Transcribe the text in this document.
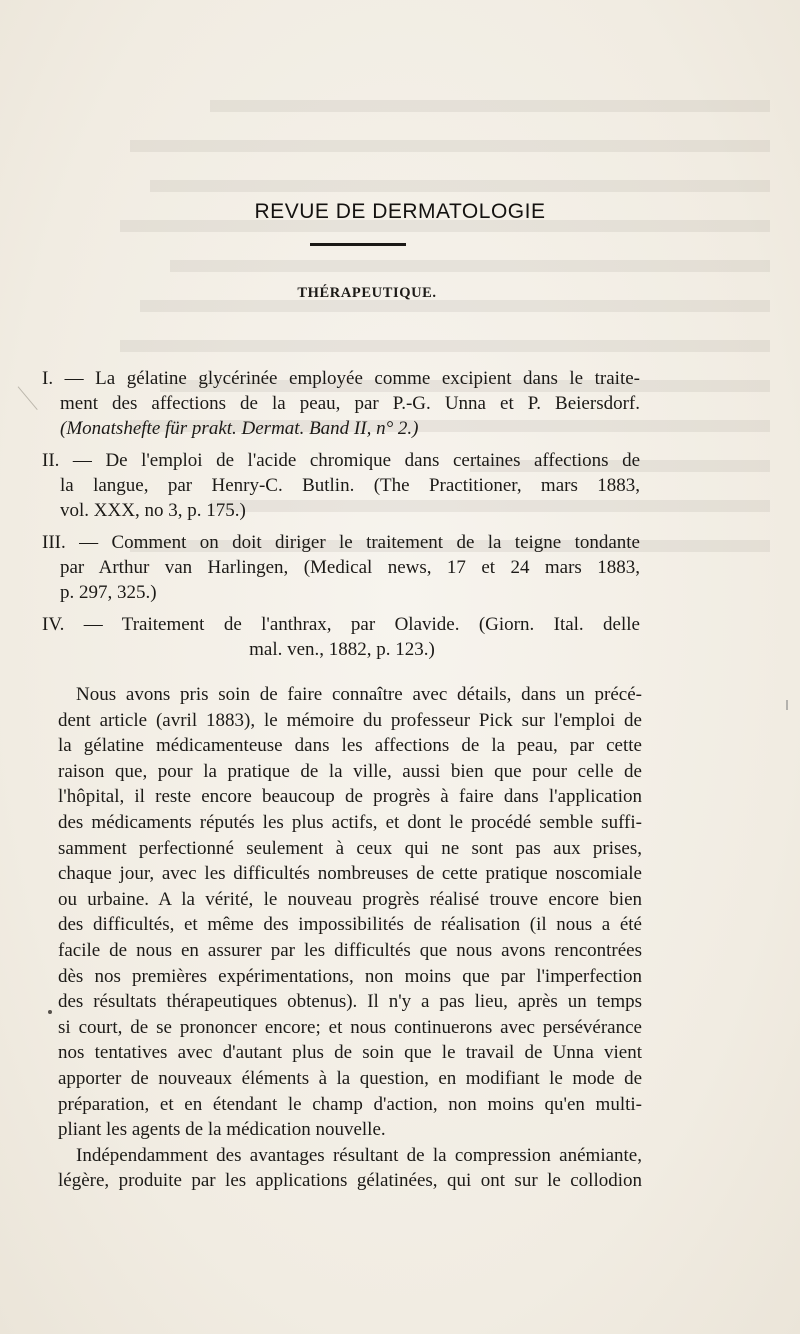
REVUE DE DERMATOLOGIE
THÉRAPEUTIQUE.
I. — La gélatine glycérinée employée comme excipient dans le traite-
ment des affections de la peau, par P.-G. Unna et P. Beiersdorf.
(Monatshefte für prakt. Dermat. Band II, n° 2.)
II. — De l'emploi de l'acide chromique dans certaines affections de
la langue, par Henry-C. Butlin. (The Practitioner, mars 1883,
vol. XXX, no 3, p. 175.)
III. — Comment on doit diriger le traitement de la teigne tondante
par Arthur van Harlingen, (Medical news, 17 et 24 mars 1883,
p. 297, 325.)
IV. — Traitement de l'anthrax, par Olavide. (Giorn. Ital. delle
mal. ven., 1882, p. 123.)
Nous avons pris soin de faire connaître avec détails, dans un précé-
dent article (avril 1883), le mémoire du professeur Pick sur l'emploi de
la gélatine médicamenteuse dans les affections de la peau, par cette
raison que, pour la pratique de la ville, aussi bien que pour celle de
l'hôpital, il reste encore beaucoup de progrès à faire dans l'application
des médicaments réputés les plus actifs, et dont le procédé semble suffi-
samment perfectionné seulement à ceux qui ne sont pas aux prises,
chaque jour, avec les difficultés nombreuses de cette pratique noscomiale
ou urbaine. A la vérité, le nouveau progrès réalisé trouve encore bien
des difficultés, et même des impossibilités de réalisation (il nous a été
facile de nous en assurer par les difficultés que nous avons rencontrées
dès nos premières expérimentations, non moins que par l'imperfection
des résultats thérapeutiques obtenus). Il n'y a pas lieu, après un temps
si court, de se prononcer encore; et nous continuerons avec persévérance
nos tentatives avec d'autant plus de soin que le travail de Unna vient
apporter de nouveaux éléments à la question, en modifiant le mode de
préparation, et en étendant le champ d'action, non moins qu'en multi-
pliant les agents de la médication nouvelle.
Indépendamment des avantages résultant de la compression anémiante,
légère, produite par les applications gélatinées, qui ont sur le collodion
